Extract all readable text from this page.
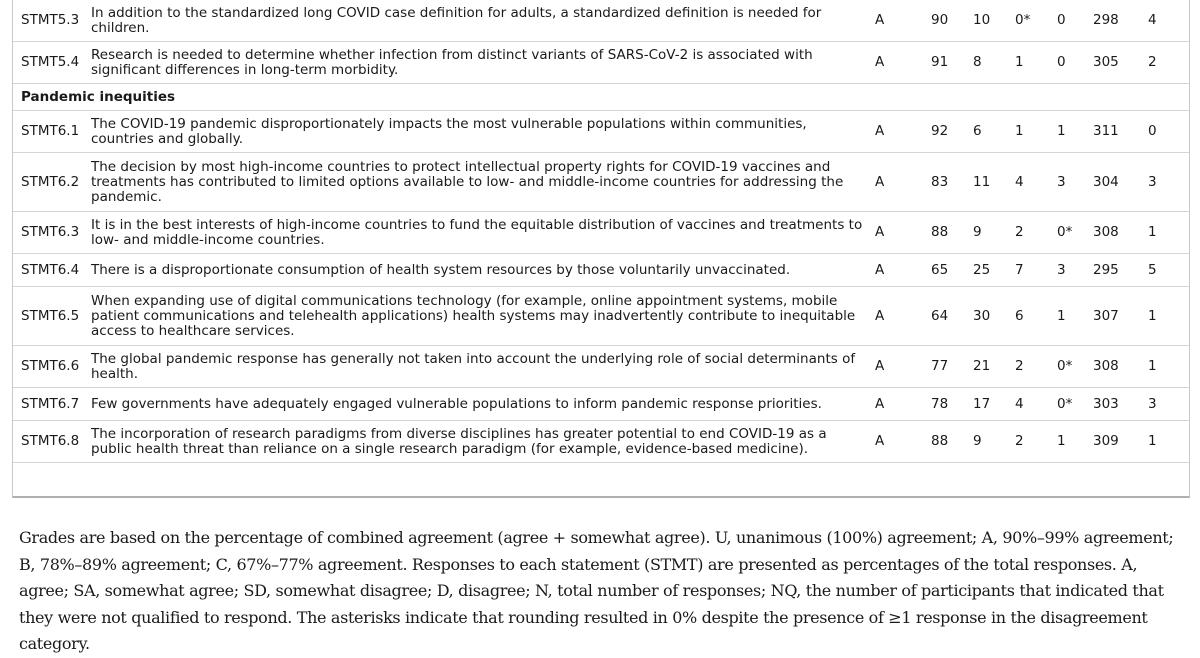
STMT5.3	In addition to the standardized long COVID case definition for adults, a standardized definition is needed for children.	A	90	10	0*	0	298	4
STMT5.4	Research is needed to determine whether infection from distinct variants of SARS-CoV-2 is associated with significant differences in long-term morbidity.	A	91	8	1	0	305	2
Pandemic inequities								
STMT6.1	The COVID-19 pandemic disproportionately impacts the most vulnerable populations within communities, countries and globally.	A	92	6	1	1	311	0
STMT6.2	The decision by most high-income countries to protect intellectual property rights for COVID-19 vaccines and treatments has contributed to limited options available to low- and middle-income countries for addressing the pandemic.	A	83	11	4	3	304	3
STMT6.3	It is in the best interests of high-income countries to fund the equitable distribution of vaccines and treatments to low- and middle-income countries.	A	88	9	2	0*	308	1
STMT6.4	There is a disproportionate consumption of health system resources by those voluntarily unvaccinated.	A	65	25	7	3	295	5
STMT6.5	When expanding use of digital communications technology (for example, online appointment systems, mobile patient communications and telehealth applications) health systems may inadvertently contribute to inequitable access to healthcare services.	A	64	30	6	1	307	1
STMT6.6	The global pandemic response has generally not taken into account the underlying role of social determinants of health.	A	77	21	2	0*	308	1
STMT6.7	Few governments have adequately engaged vulnerable populations to inform pandemic response priorities.	A	78	17	4	0*	303	3
STMT6.8	The incorporation of research paradigms from diverse disciplines has greater potential to end COVID-19 as a public health threat than reliance on a single research paradigm (for example, evidence-based medicine).	A	88	9	2	1	309	1

Grades are based on the percentage of combined agreement (agree + somewhat agree). U, unanimous (100%) agreement; A, 90%–99% agreement; B, 78%–89% agreement; C, 67%–77% agreement. Responses to each statement (STMT) are presented as percentages of the total responses. A, agree; SA, somewhat agree; SD, somewhat disagree; D, disagree; N, total number of responses; NQ, the number of participants that indicated that they were not qualified to respond. The asterisks indicate that rounding resulted in 0% despite the presence of ≥1 response in the disagreement category.
